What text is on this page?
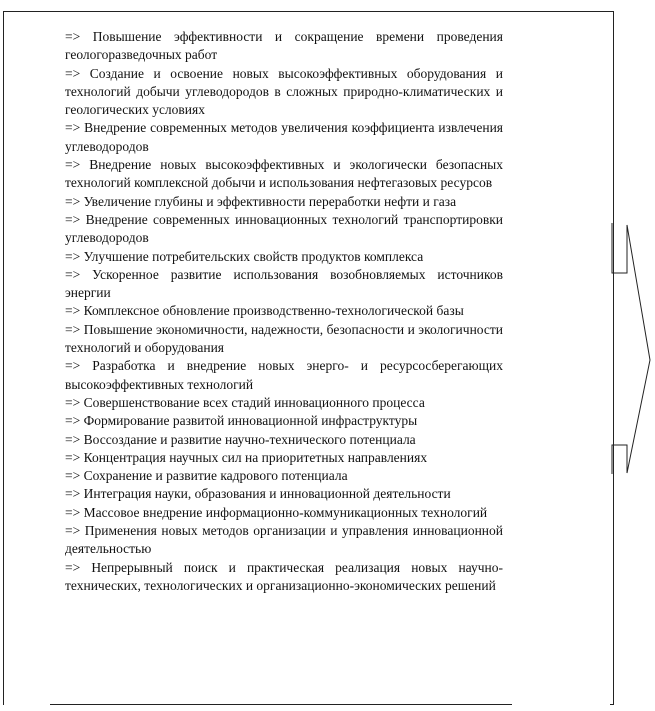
=> Повышение эффективности и сокращение времени проведения геологоразведочных работ
=> Создание и освоение новых высокоэффективных оборудования и технологий добычи углеводородов в сложных природно-климатических и геологических условиях
=> Внедрение современных методов увеличения коэффициента извлечения углеводородов
=> Внедрение новых высокоэффективных и экологически безопасных технологий комплексной добычи и использования нефтегазовых ресурсов
=> Увеличение глубины и эффективности переработки нефти и газа
=> Внедрение современных инновационных технологий транспортировки углеводородов
=> Улучшение потребительских свойств продуктов комплекса
=> Ускоренное развитие использования возобновляемых источников энергии
=> Комплексное обновление производственно-технологической базы
=> Повышение экономичности, надежности, безопасности и экологичности технологий и оборудования
=> Разработка и внедрение новых энерго- и ресурсосберегающих высокоэффективных технологий
=> Совершенствование всех стадий инновационного процесса
=> Формирование развитой инновационной инфраструктуры
=> Воссоздание и развитие научно-технического потенциала
=> Концентрация научных сил на приоритетных направлениях
=> Сохранение и развитие кадрового потенциала
=> Интеграция науки, образования и инновационной деятельности
=> Массовое внедрение информационно-коммуникационных технологий
=> Применения новых методов организации и управления инновационной деятельностью
=> Непрерывный поиск и практическая реализация новых научно-технических, технологических и организационно-экономических решений
